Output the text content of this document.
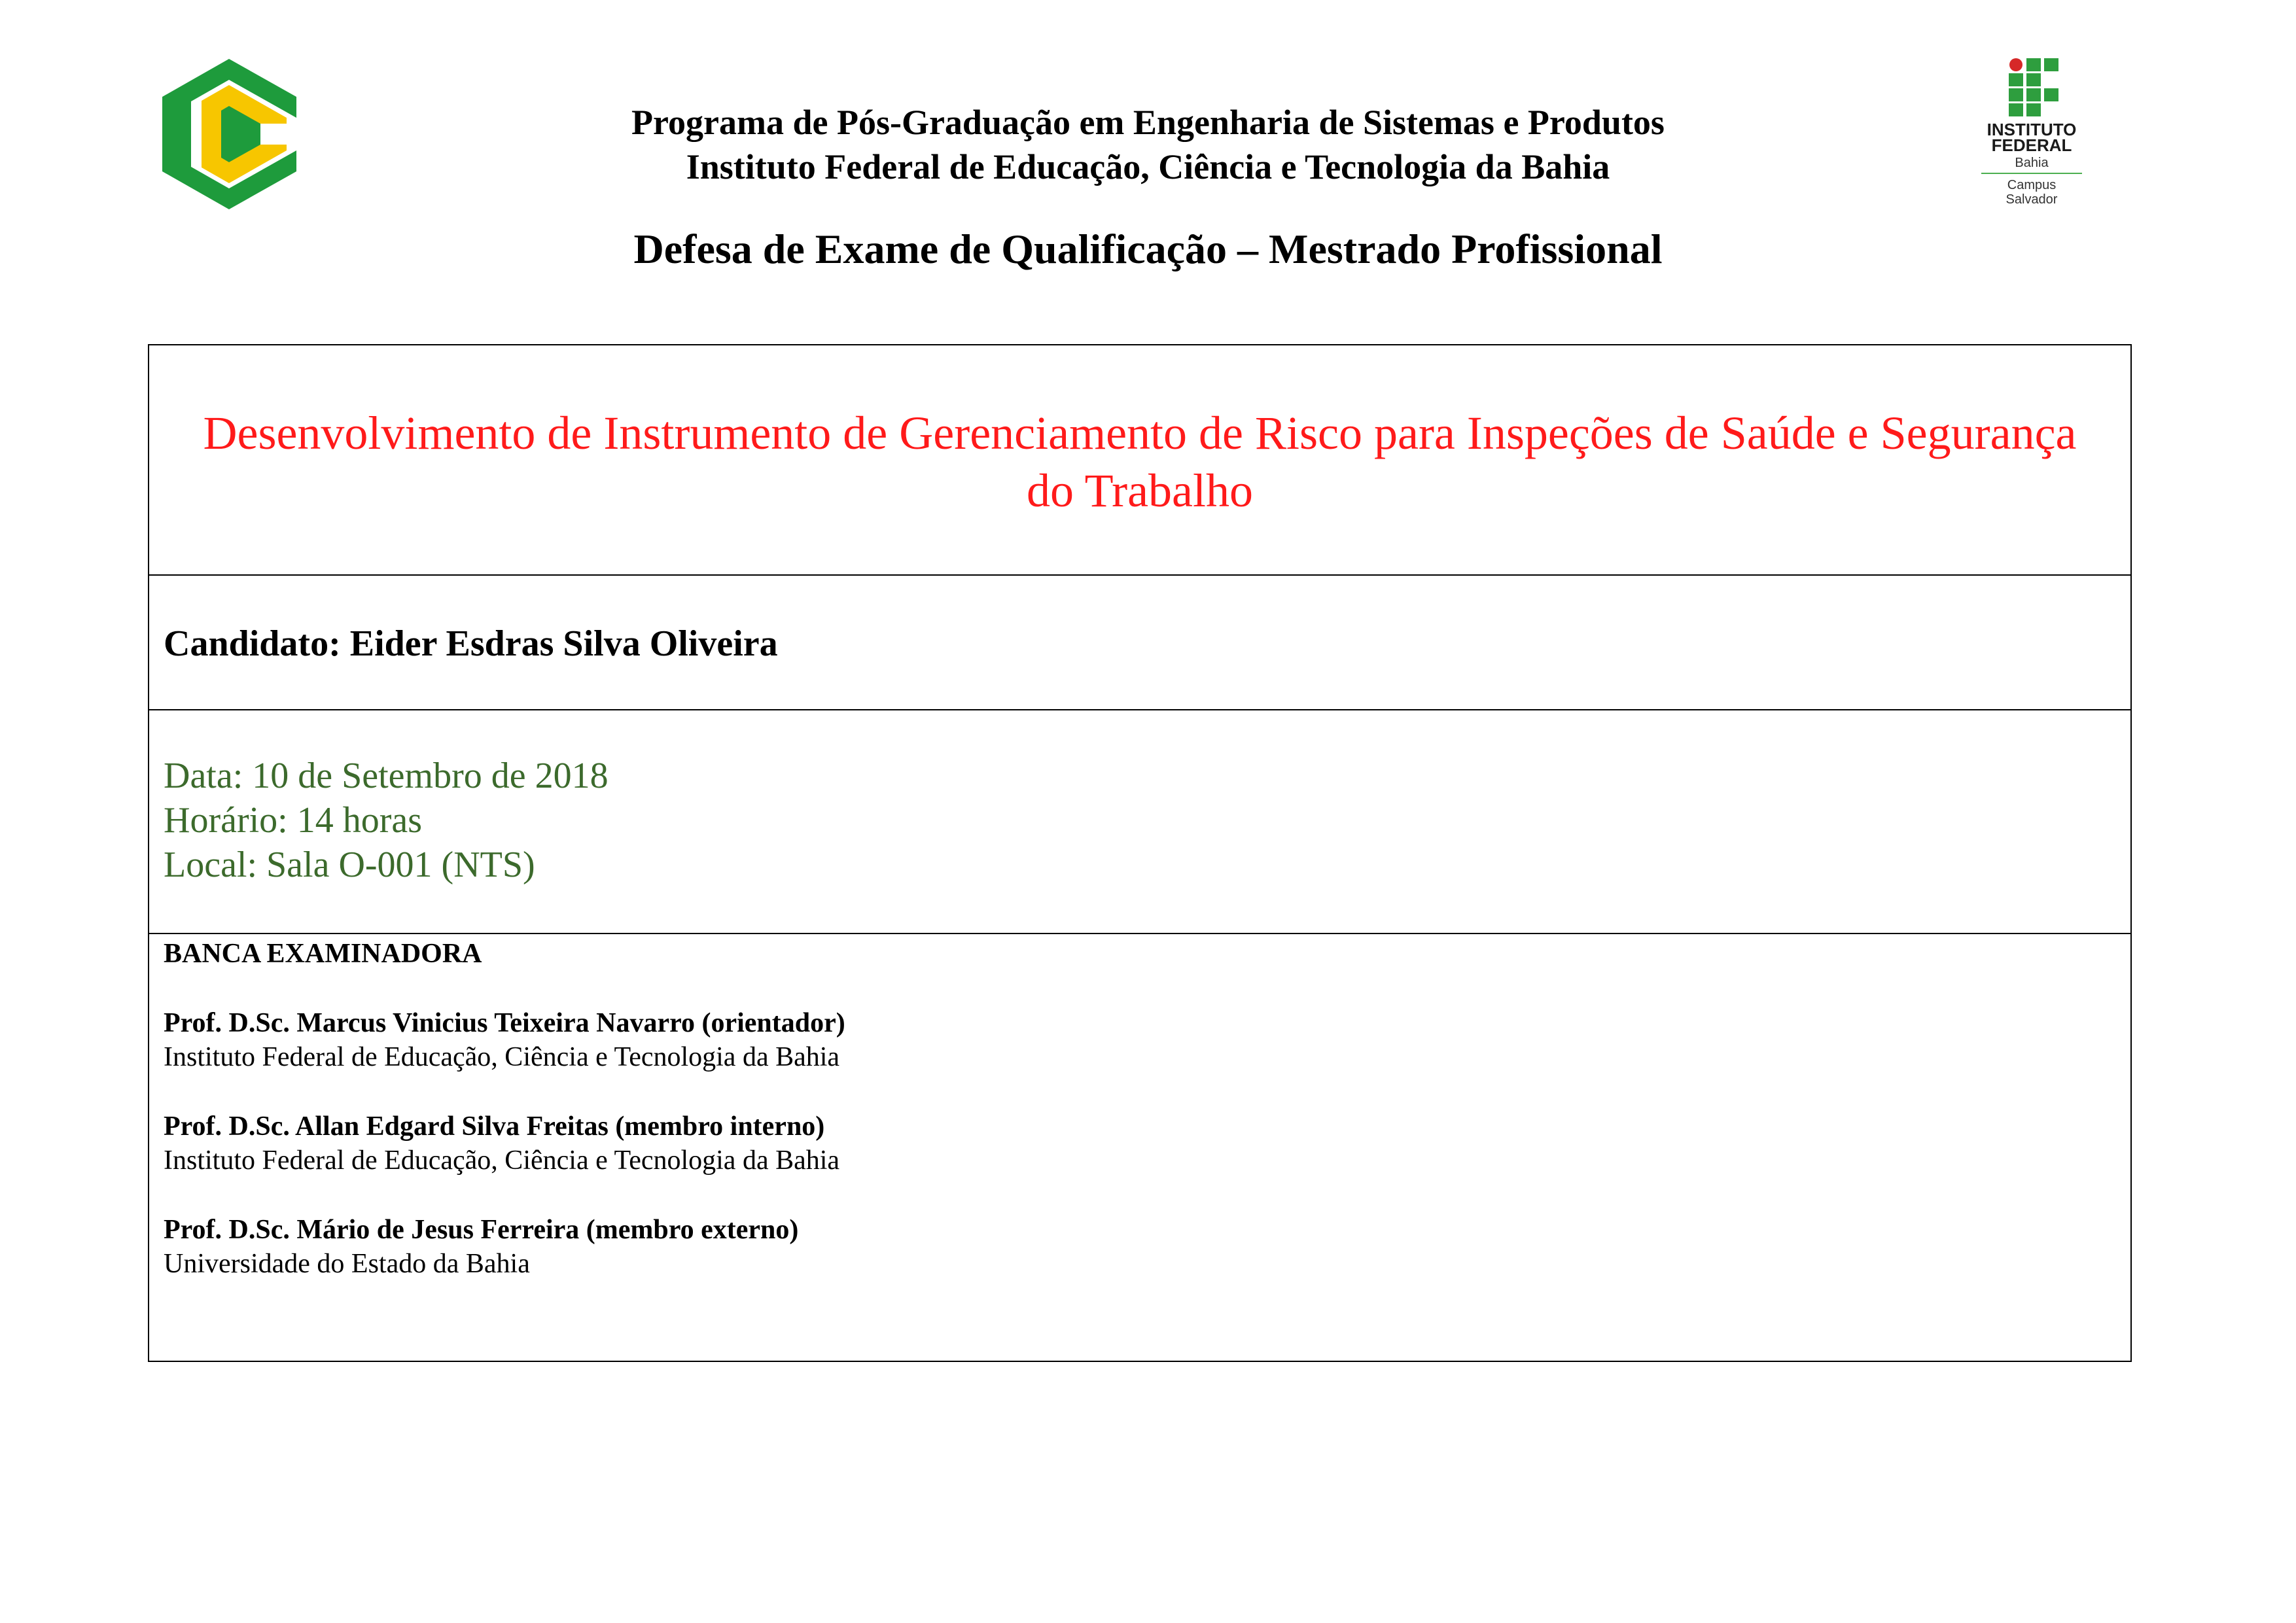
INSTITUTO
FEDERAL
Bahia
Campus
Salvador
Programa de Pós-Graduação em Engenharia de Sistemas e Produtos
Instituto Federal de Educação, Ciência e Tecnologia da Bahia
Defesa de Exame de Qualificação – Mestrado Profissional
Desenvolvimento de Instrumento de Gerenciamento de Risco para Inspeções de Saúde e Segurança do Trabalho
Candidato: Eider Esdras Silva Oliveira
Data: 10 de Setembro de 2018
Horário: 14 horas
Local: Sala O-001 (NTS)
BANCA EXAMINADORA
Prof. D.Sc. Marcus Vinicius Teixeira Navarro (orientador)
Instituto Federal de Educação, Ciência e Tecnologia da Bahia
Prof. D.Sc. Allan Edgard Silva Freitas (membro interno)
Instituto Federal de Educação, Ciência e Tecnologia da Bahia
Prof. D.Sc. Mário de Jesus Ferreira (membro externo)
Universidade do Estado da Bahia
